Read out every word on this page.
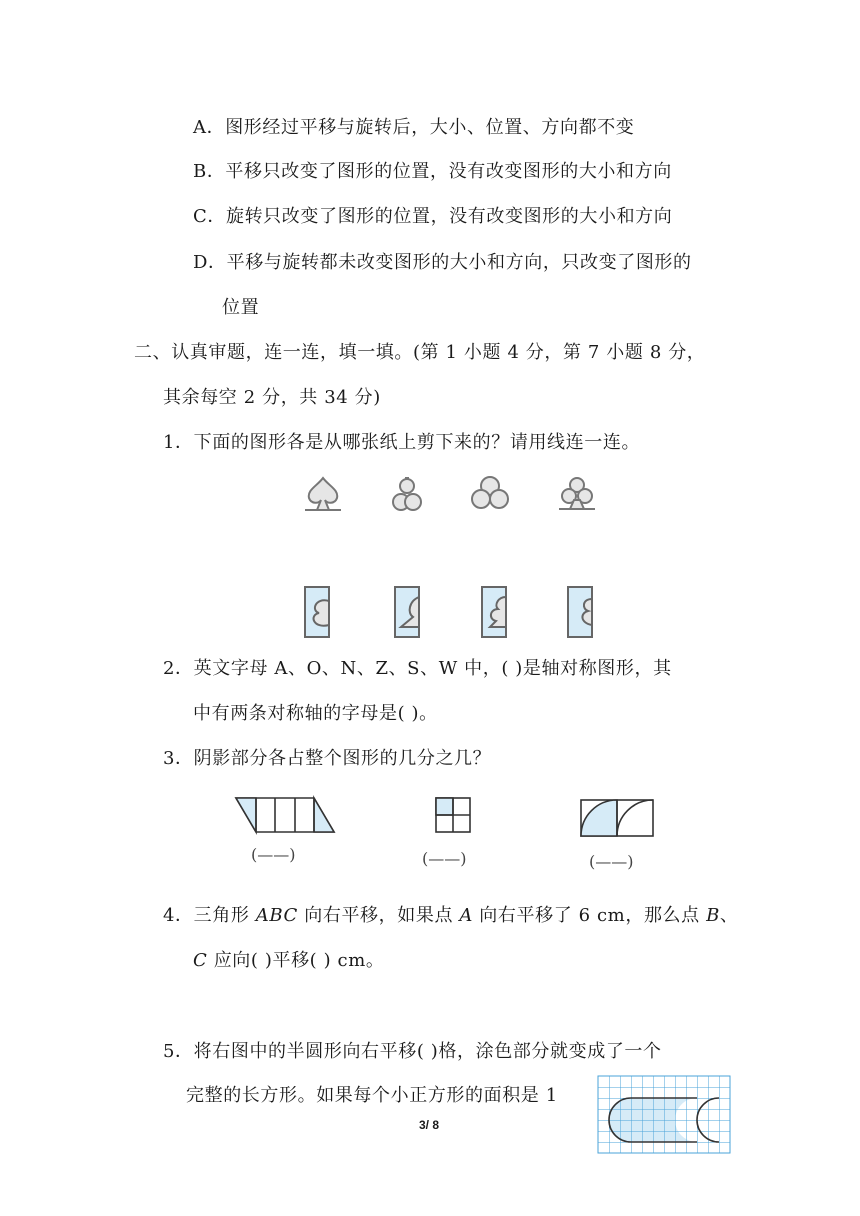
A．图形经过平移与旋转后，大小、位置、方向都不变
B．平移只改变了图形的位置，没有改变图形的大小和方向
C．旋转只改变了图形的位置，没有改变图形的大小和方向
D．平移与旋转都未改变图形的大小和方向，只改变了图形的
位置
二、认真审题，连一连，填一填。(第 1 小题 4 分，第 7 小题 8 分，
其余每空 2 分，共 34 分)
1．下面的图形各是从哪张纸上剪下来的？请用线连一连。
2．英文字母 A、O、N、Z、S、W 中，( )是轴对称图形，其
中有两条对称轴的字母是( )。
3．阴影部分各占整个图形的几分之几？
(——)	(——)	(——)
4．三角形 ABC 向右平移，如果点 A 向右平移了 6 cm，那么点 B、
C 应向( )平移( ) cm。
5．将右图中的半圆形向右平移( )格，涂色部分就变成了一个
完整的长方形。如果每个小正方形的面积是 1
3/ 8
